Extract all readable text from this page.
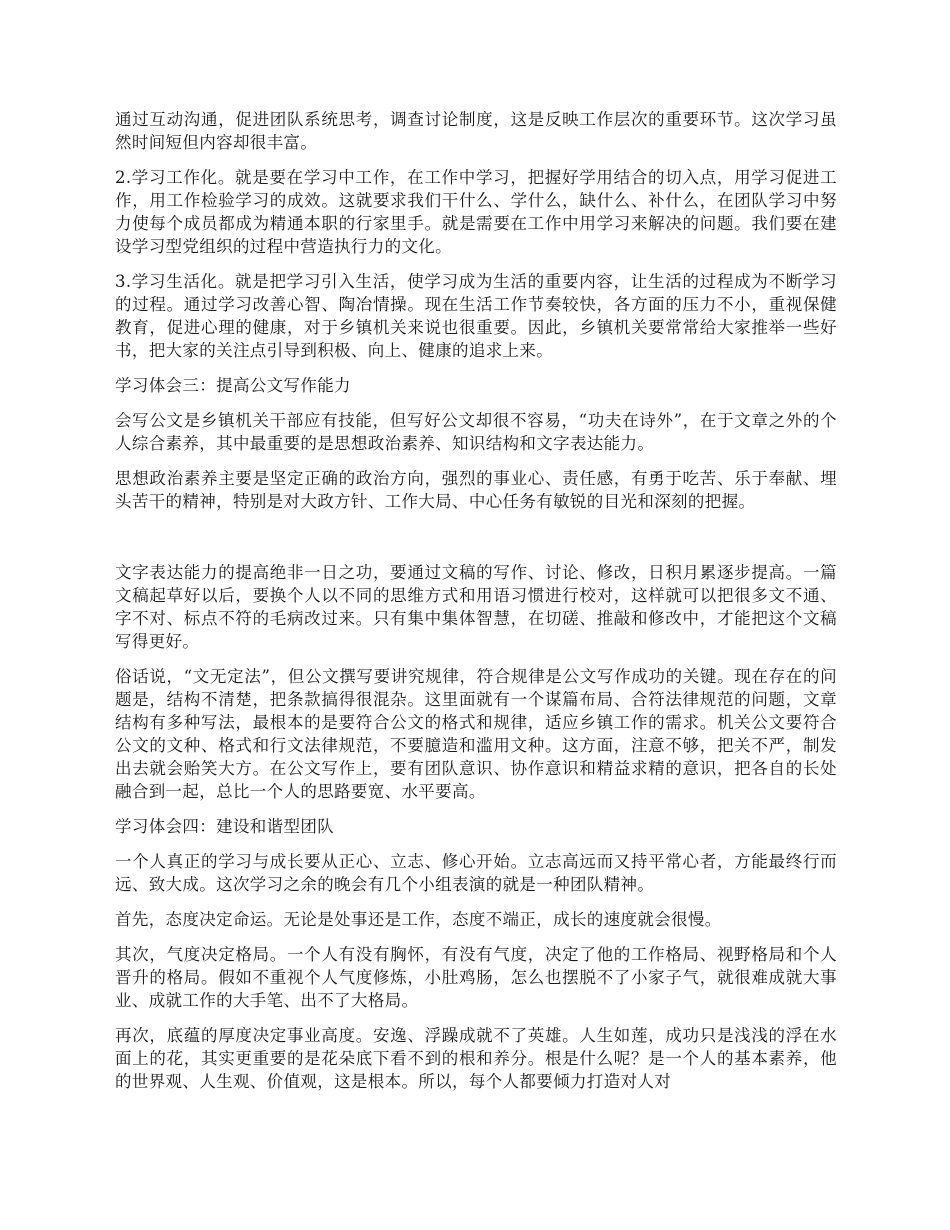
通过互动沟通，促进团队系统思考，调查讨论制度，这是反映工作层次的重要环节。这次学习虽然时间短但内容却很丰富。

2.学习工作化。就是要在学习中工作，在工作中学习，把握好学用结合的切入点，用学习促进工作，用工作检验学习的成效。这就要求我们干什么、学什么，缺什么、补什么，在团队学习中努力使每个成员都成为精通本职的行家里手。就是需要在工作中用学习来解决的问题。我们要在建设学习型党组织的过程中营造执行力的文化。

3.学习生活化。就是把学习引入生活，使学习成为生活的重要内容，让生活的过程成为不断学习的过程。通过学习改善心智、陶冶情操。现在生活工作节奏较快，各方面的压力不小，重视保健教育，促进心理的健康，对于乡镇机关来说也很重要。因此，乡镇机关要常常给大家推举一些好书，把大家的关注点引导到积极、向上、健康的追求上来。

学习体会三：提高公文写作能力

会写公文是乡镇机关干部应有技能，但写好公文却很不容易，“功夫在诗外”，在于文章之外的个人综合素养，其中最重要的是思想政治素养、知识结构和文字表达能力。

思想政治素养主要是坚定正确的政治方向，强烈的事业心、责任感，有勇于吃苦、乐于奉献、埋头苦干的精神，特别是对大政方针、工作大局、中心任务有敏锐的目光和深刻的把握。

文字表达能力的提高绝非一日之功，要通过文稿的写作、讨论、修改，日积月累逐步提高。一篇文稿起草好以后，要换个人以不同的思维方式和用语习惯进行校对，这样就可以把很多文不通、字不对、标点不符的毛病改过来。只有集中集体智慧，在切磋、推敲和修改中，才能把这个文稿写得更好。

俗话说，“文无定法”，但公文撰写要讲究规律，符合规律是公文写作成功的关键。现在存在的问题是，结构不清楚，把条款搞得很混杂。这里面就有一个谋篇布局、合符法律规范的问题，文章结构有多种写法，最根本的是要符合公文的格式和规律，适应乡镇工作的需求。机关公文要符合公文的文种、格式和行文法律规范，不要臆造和滥用文种。这方面，注意不够，把关不严，制发出去就会贻笑大方。在公文写作上，要有团队意识、协作意识和精益求精的意识，把各自的长处融合到一起，总比一个人的思路要宽、水平要高。

学习体会四：建设和谐型团队

一个人真正的学习与成长要从正心、立志、修心开始。立志高远而又持平常心者，方能最终行而远、致大成。这次学习之余的晚会有几个小组表演的就是一种团队精神。

首先，态度决定命运。无论是处事还是工作，态度不端正，成长的速度就会很慢。

其次，气度决定格局。一个人有没有胸怀，有没有气度，决定了他的工作格局、视野格局和个人晋升的格局。假如不重视个人气度修炼，小肚鸡肠，怎么也摆脱不了小家子气，就很难成就大事业、成就工作的大手笔、出不了大格局。

再次，底蕴的厚度决定事业高度。安逸、浮躁成就不了英雄。人生如莲，成功只是浅浅的浮在水面上的花，其实更重要的是花朵底下看不到的根和养分。根是什么呢？是一个人的基本素养，他的世界观、人生观、价值观，这是根本。所以，每个人都要倾力打造对人对
